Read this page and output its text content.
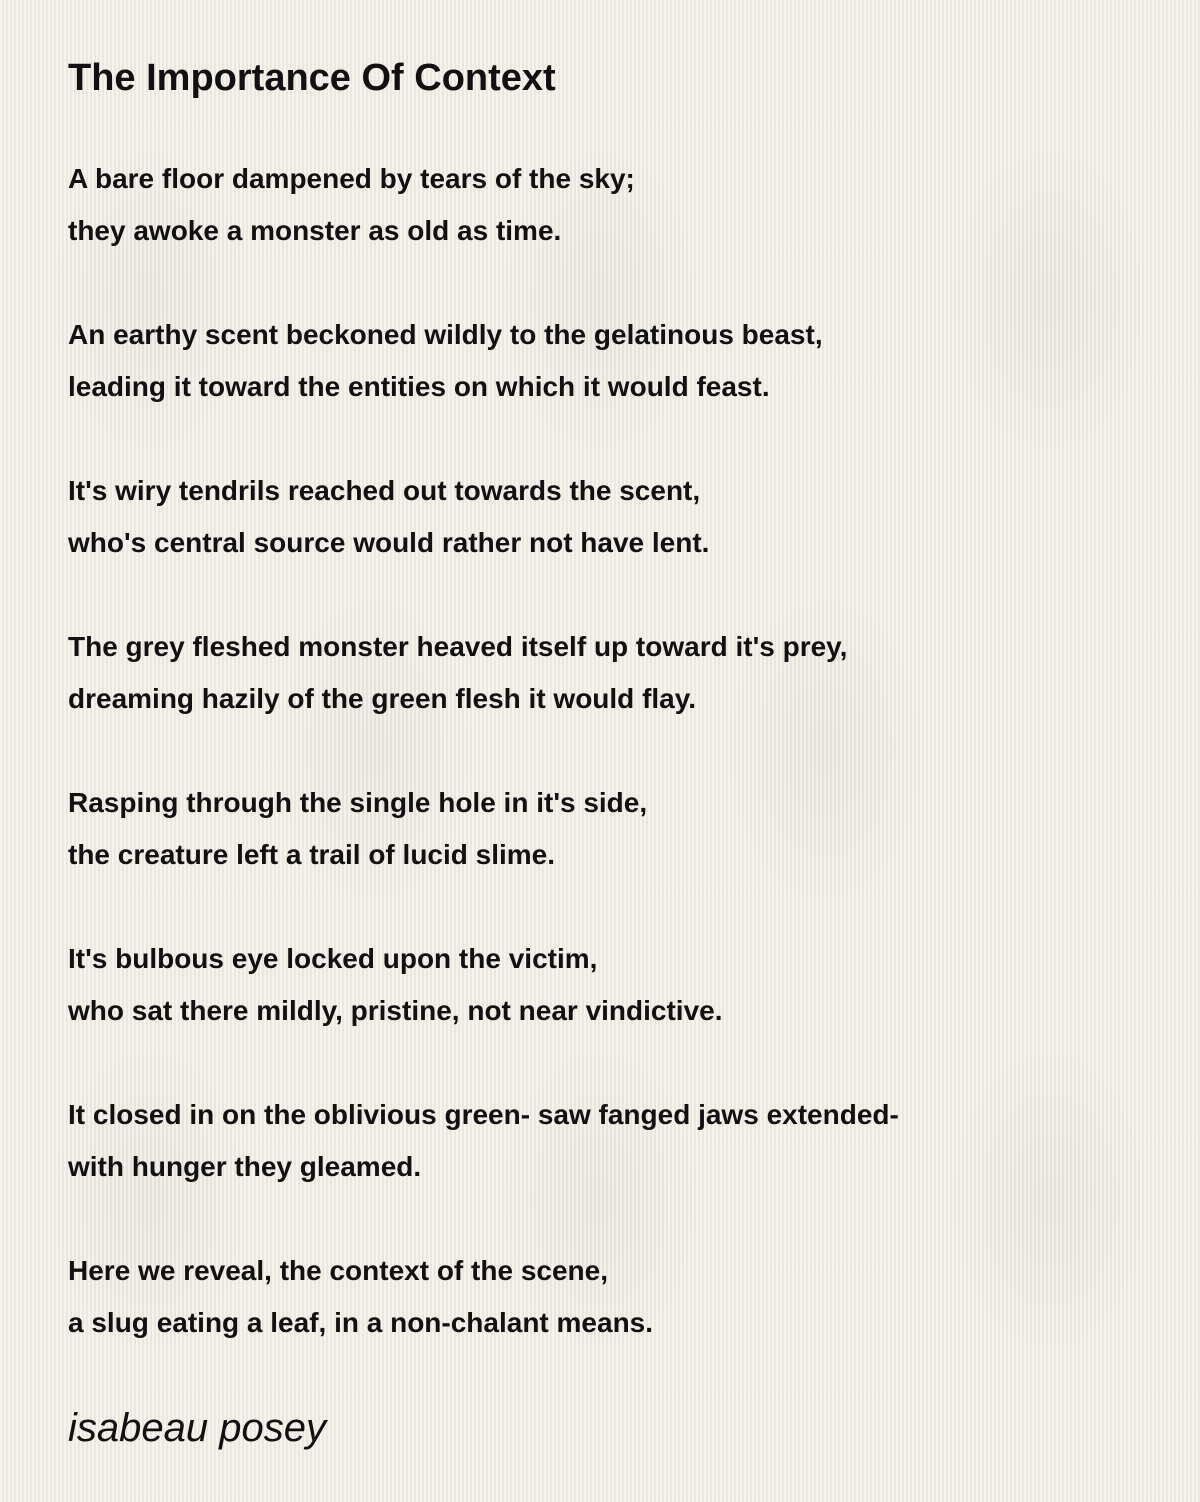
The Importance Of Context
A bare floor dampened by tears of the sky;
they awoke a monster as old as time.
An earthy scent beckoned wildly to the gelatinous beast,
leading it toward the entities on which it would feast.
It's wiry tendrils reached out towards the scent,
who's central source would rather not have lent.
The grey fleshed monster heaved itself up toward it's prey,
dreaming hazily of the green flesh it would flay.
Rasping through the single hole in it's side,
the creature left a trail of lucid slime.
It's bulbous eye locked upon the victim,
who sat there mildly, pristine, not near vindictive.
It closed in on the oblivious green- saw fanged jaws extended-
with hunger they gleamed.
Here we reveal, the context of the scene,
a slug eating a leaf, in a non-chalant means.
isabeau posey
